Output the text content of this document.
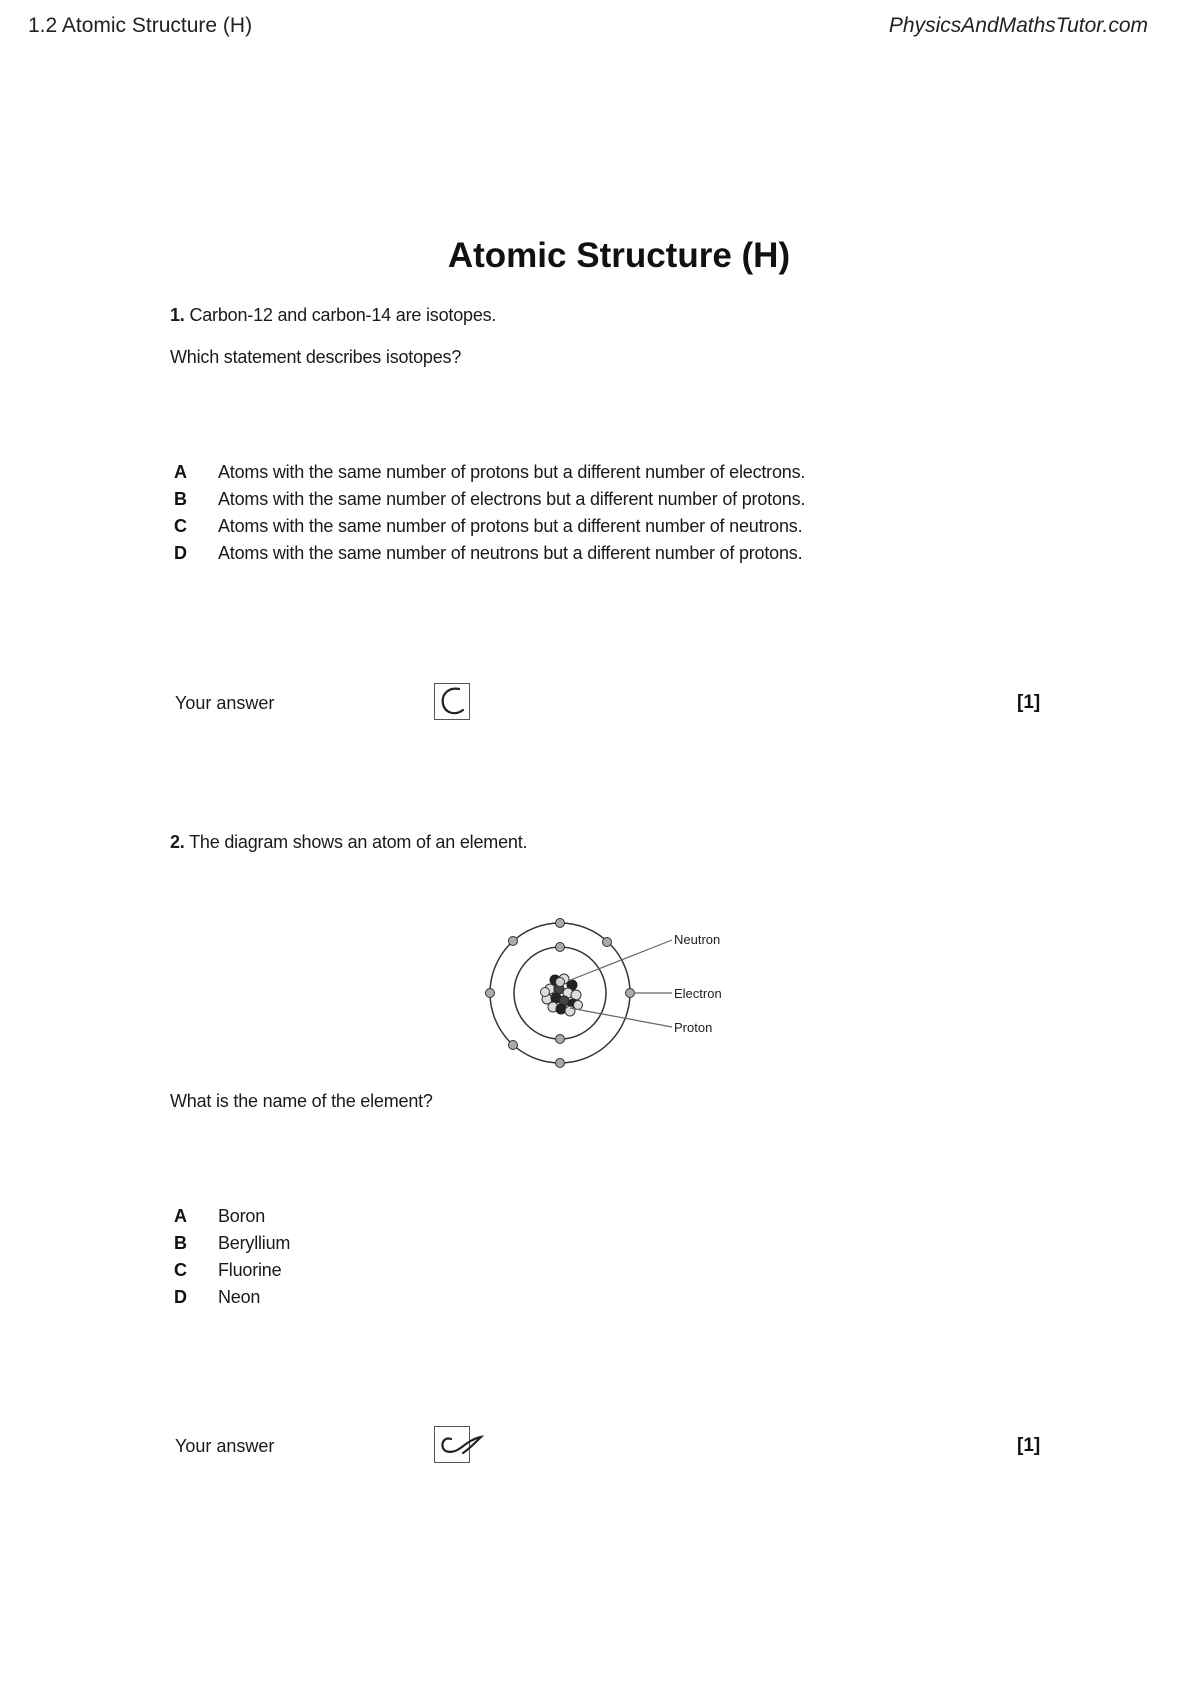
1.2 Atomic Structure (H)	PhysicsAndMathsTutor.com
Atomic Structure (H)
1. Carbon-12 and carbon-14 are isotopes.
Which statement describes isotopes?
A	Atoms with the same number of protons but a different number of electrons.
B	Atoms with the same number of electrons but a different number of protons.
C	Atoms with the same number of protons but a different number of neutrons.
D	Atoms with the same number of neutrons but a different number of protons.
Your answer	[1]
2. The diagram shows an atom of an element.
Neutron
Electron
Proton
What is the name of the element?
A	Boron
B	Beryllium
C	Fluorine
D	Neon
Your answer	[1]
